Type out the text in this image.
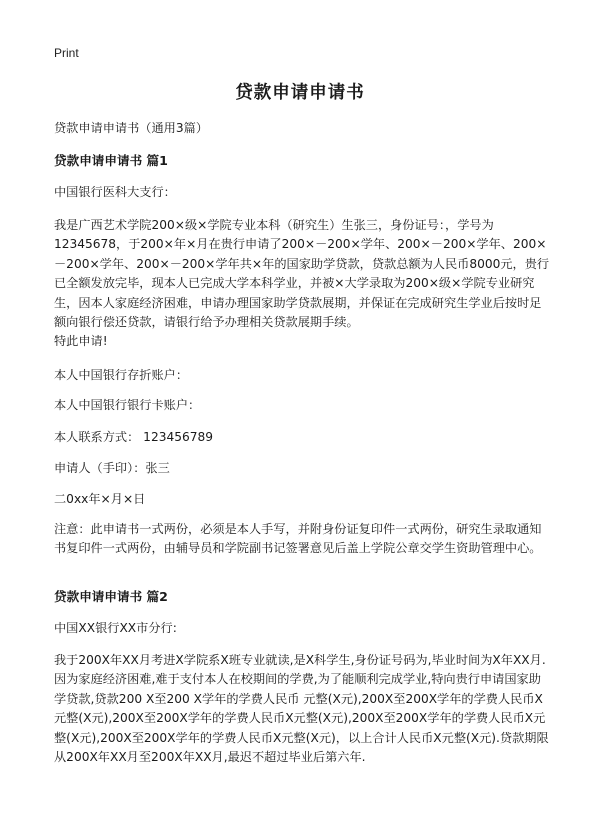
Print
贷款申请申请书

贷款申请申请书（通用3篇）

贷款申请申请书 篇1

中国银行医科大支行：

我是广西艺术学院200×级×学院专业本科（研究生）生张三，身份证号：，学号为12345678，于200×年×月在贵行申请了200×－200×学年、200×－200×学年、200×－200×学年、200×－200×学年共×年的国家助学贷款，贷款总额为人民币8000元，贵行已全额发放完毕，现本人已完成大学本科学业，并被×大学录取为200×级×学院专业研究生，因本人家庭经济困难，申请办理国家助学贷款展期，并保证在完成研究生学业后按时足额向银行偿还贷款，请银行给予办理相关贷款展期手续。

特此申请!

本人中国银行存折账户：

本人中国银行银行卡账户：

本人联系方式： 123456789

申请人（手印）：张三

二0xx年×月×日

注意：此申请书一式两份，必须是本人手写，并附身份证复印件一式两份，研究生录取通知书复印件一式两份，由辅导员和学院副书记签署意见后盖上学院公章交学生资助管理中心。

贷款申请申请书 篇2

中国XX银行XX市分行:

我于200X年XX月考进X学院系X班专业就读,是X科学生,身份证号码为,毕业时间为X年XX月.因为家庭经济困难,难于支付本人在校期间的学费,为了能顺利完成学业,特向贵行申请国家助学贷款,贷款200 X至200 X学年的学费人民币 元整(X元),200X至200X学年的学费人民币X元整(X元),200X至200X学年的学费人民币X元整(X元),200X至200X学年的学费人民币X元整(X元),200X至200X学年的学费人民币X元整(X元)，以上合计人民币X元整(X元).贷款期限从200X年XX月至200X年XX月,最迟不超过毕业后第六年.
